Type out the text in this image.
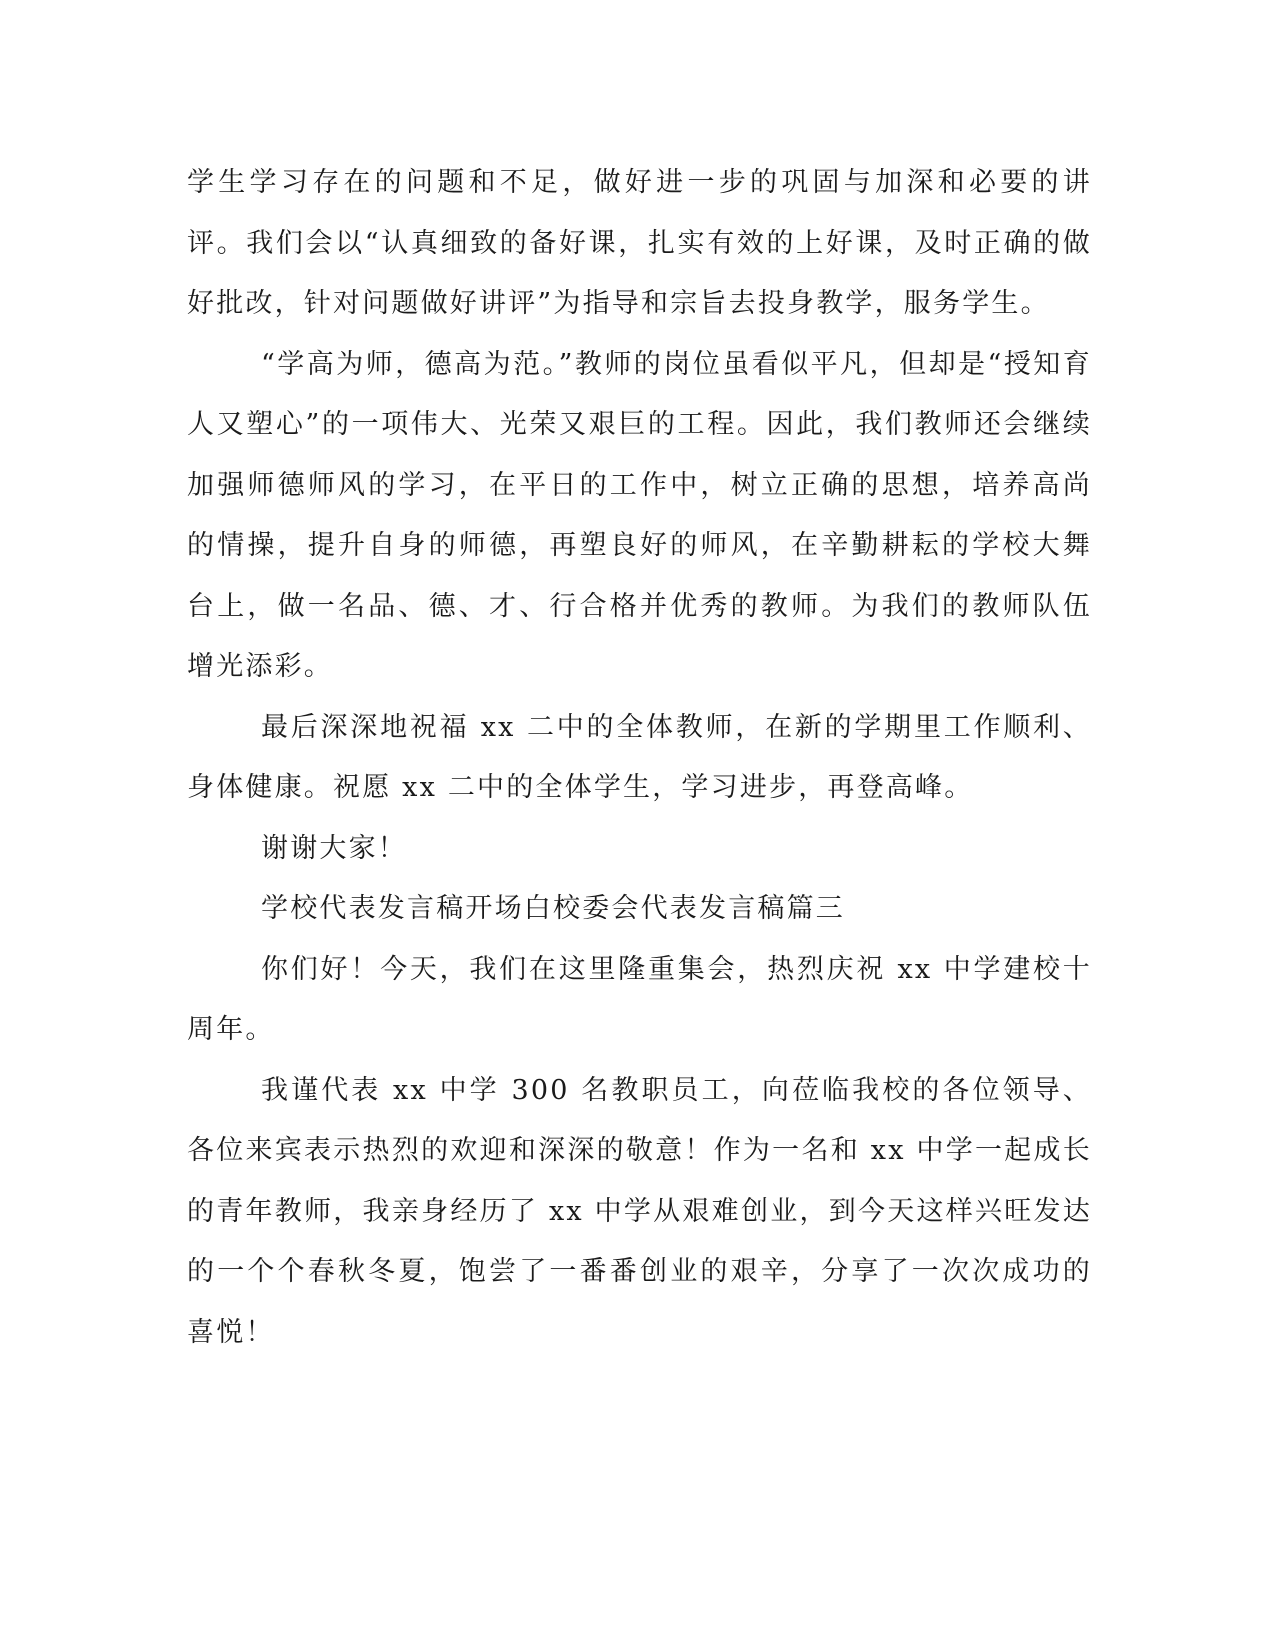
学生学习存在的问题和不足，做好进一步的巩固与加深和必要的讲评。我们会以“认真细致的备好课，扎实有效的上好课，及时正确的做好批改，针对问题做好讲评”为指导和宗旨去投身教学，服务学生。

“学高为师，德高为范。”教师的岗位虽看似平凡，但却是“授知育人又塑心”的一项伟大、光荣又艰巨的工程。因此，我们教师还会继续加强师德师风的学习，在平日的工作中，树立正确的思想，培养高尚的情操，提升自身的师德，再塑良好的师风，在辛勤耕耘的学校大舞台上，做一名品、德、才、行合格并优秀的教师。为我们的教师队伍增光添彩。

最后深深地祝福 xx 二中的全体教师，在新的学期里工作顺利、身体健康。祝愿 xx 二中的全体学生，学习进步，再登高峰。

谢谢大家！

学校代表发言稿开场白校委会代表发言稿篇三

你们好！今天，我们在这里隆重集会，热烈庆祝 xx 中学建校十周年。

我谨代表 xx 中学 300 名教职员工，向莅临我校的各位领导、各位来宾表示热烈的欢迎和深深的敬意！作为一名和 xx 中学一起成长的青年教师，我亲身经历了 xx 中学从艰难创业，到今天这样兴旺发达的一个个春秋冬夏，饱尝了一番番创业的艰辛，分享了一次次成功的喜悦！
